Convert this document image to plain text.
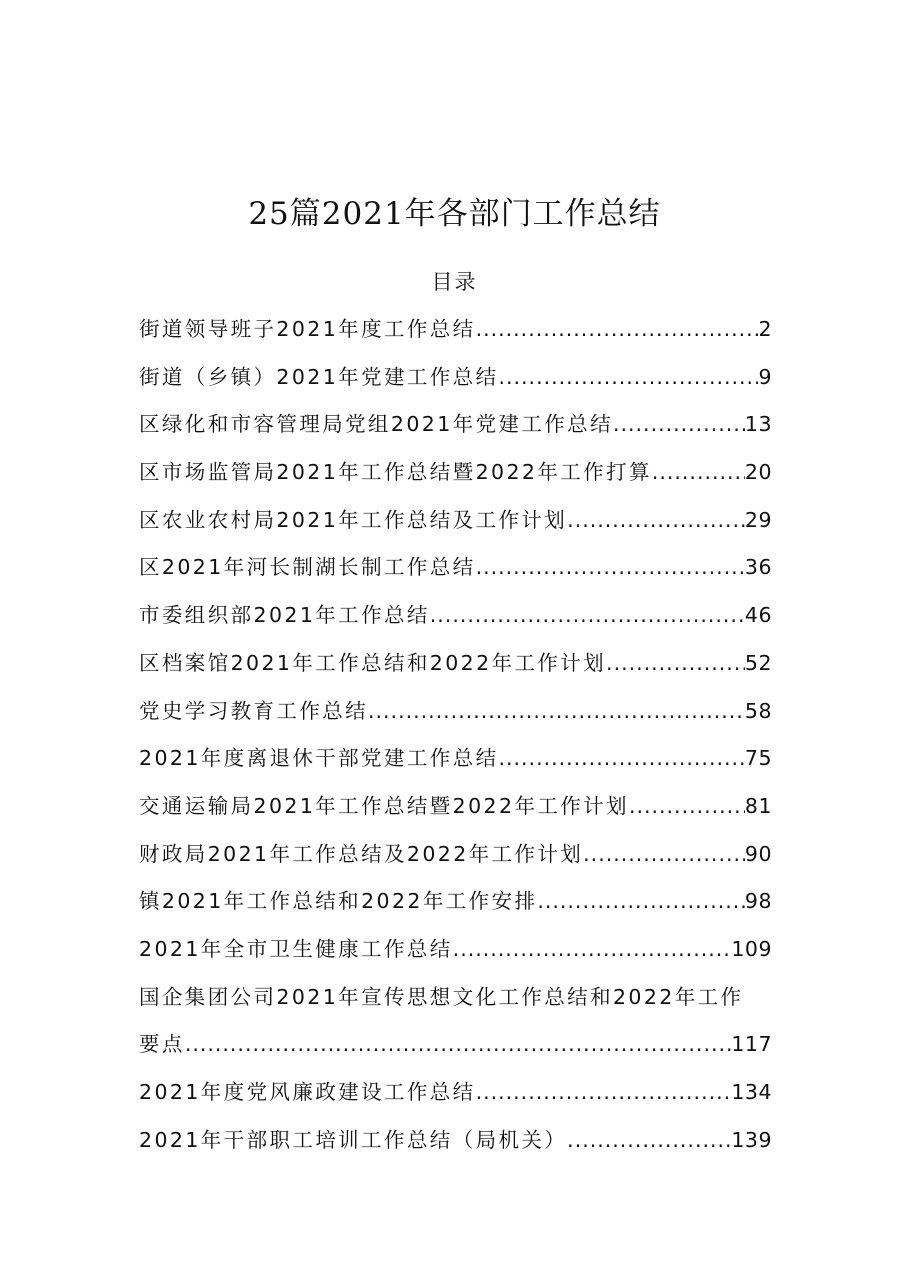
25篇2021年各部门工作总结
目录
街道领导班子2021年度工作总结 .....	2
街道（乡镇）2021年党建工作总结 .....	9
区绿化和市容管理局党组2021年党建工作总结 .....	13
区市场监管局2021年工作总结暨2022年工作打算 .....	20
区农业农村局2021年工作总结及工作计划 .....	29
区2021年河长制湖长制工作总结 .....	36
市委组织部2021年工作总结 .....	46
区档案馆2021年工作总结和2022年工作计划 .....	52
党史学习教育工作总结 .....	58
2021年度离退休干部党建工作总结 .....	75
交通运输局2021年工作总结暨2022年工作计划 .....	81
财政局2021年工作总结及2022年工作计划 .....	90
镇2021年工作总结和2022年工作安排 .....	98
2021年全市卫生健康工作总结 .....	109
国企集团公司2021年宣传思想文化工作总结和2022年工作
要点 .....	117
2021年度党风廉政建设工作总结 .....	134
2021年干部职工培训工作总结（局机关） .....	139
